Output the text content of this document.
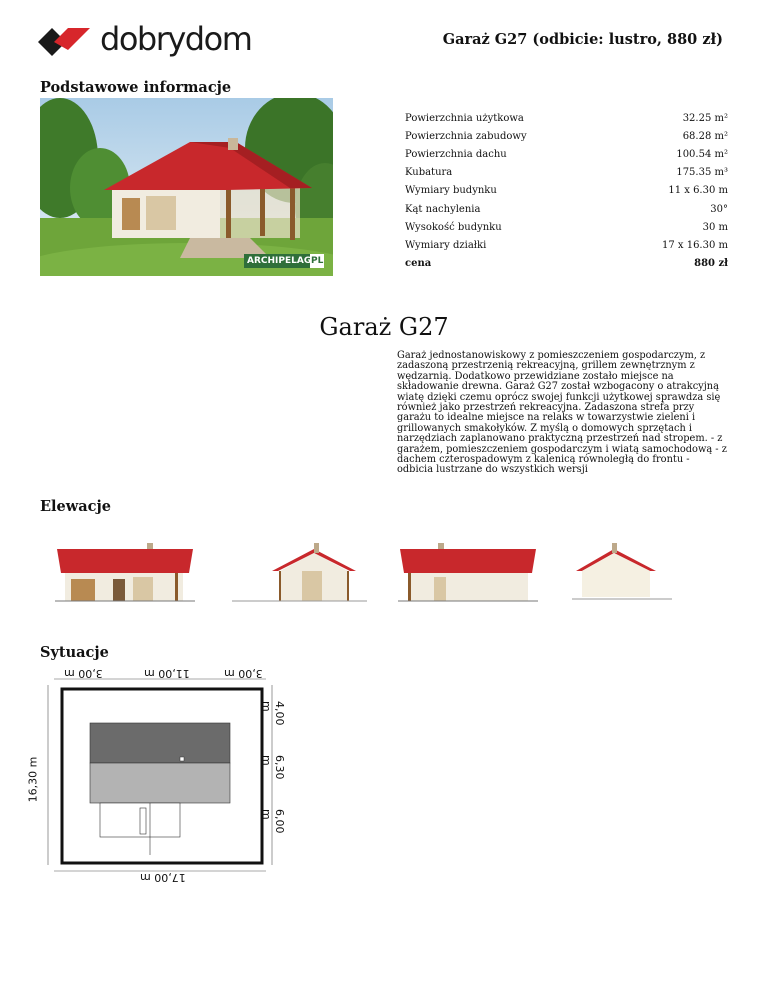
dobrydom	Garaż G27 (odbicie: lustro, 880 zł)
Podstawowe informacje
ARCHIPELAG PL
Powierzchnia użytkowa	32.25 m²
Powierzchnia zabudowy	68.28 m²
Powierzchnia dachu	100.54 m²
Kubatura	175.35 m³
Wymiary budynku	11 x 6.30 m
Kąt nachylenia	30°
Wysokość budynku	30 m
Wymiary działki	17 x 16.30 m
cena	880 zł
Garaż G27
Garaż jednostanowiskowy z pomieszczeniem gospodarczym, z zadaszoną przestrzenią rekreacyjną, grillem zewnętrznym z wędzarnią. Dodatkowo przewidziane zostało miejsce na składowanie drewna. Garaż G27 został wzbogacony o atrakcyjną wiatę dzięki czemu oprócz swojej funkcji użytkowej sprawdza się również jako przestrzeń rekreacyjna. Zadaszona strefa przy garażu to idealne miejsce na relaks w towarzystwie zieleni i grillowanych smakołyków. Z myślą o domowych sprzętach i narzędziach zaplanowano praktyczną przestrzeń nad stropem. - z garażem, pomieszczeniem gospodarczym i wiatą samochodową - z dachem czterospadowym z kalenicą równoległą do frontu - odbicia lustrzane do wszystkich wersji
Elewacje
Sytuacje
3,00 m	11,00 m	3,00 m
17,00 m
16,30 m
4,00 m
6,30 m
6,00 m
